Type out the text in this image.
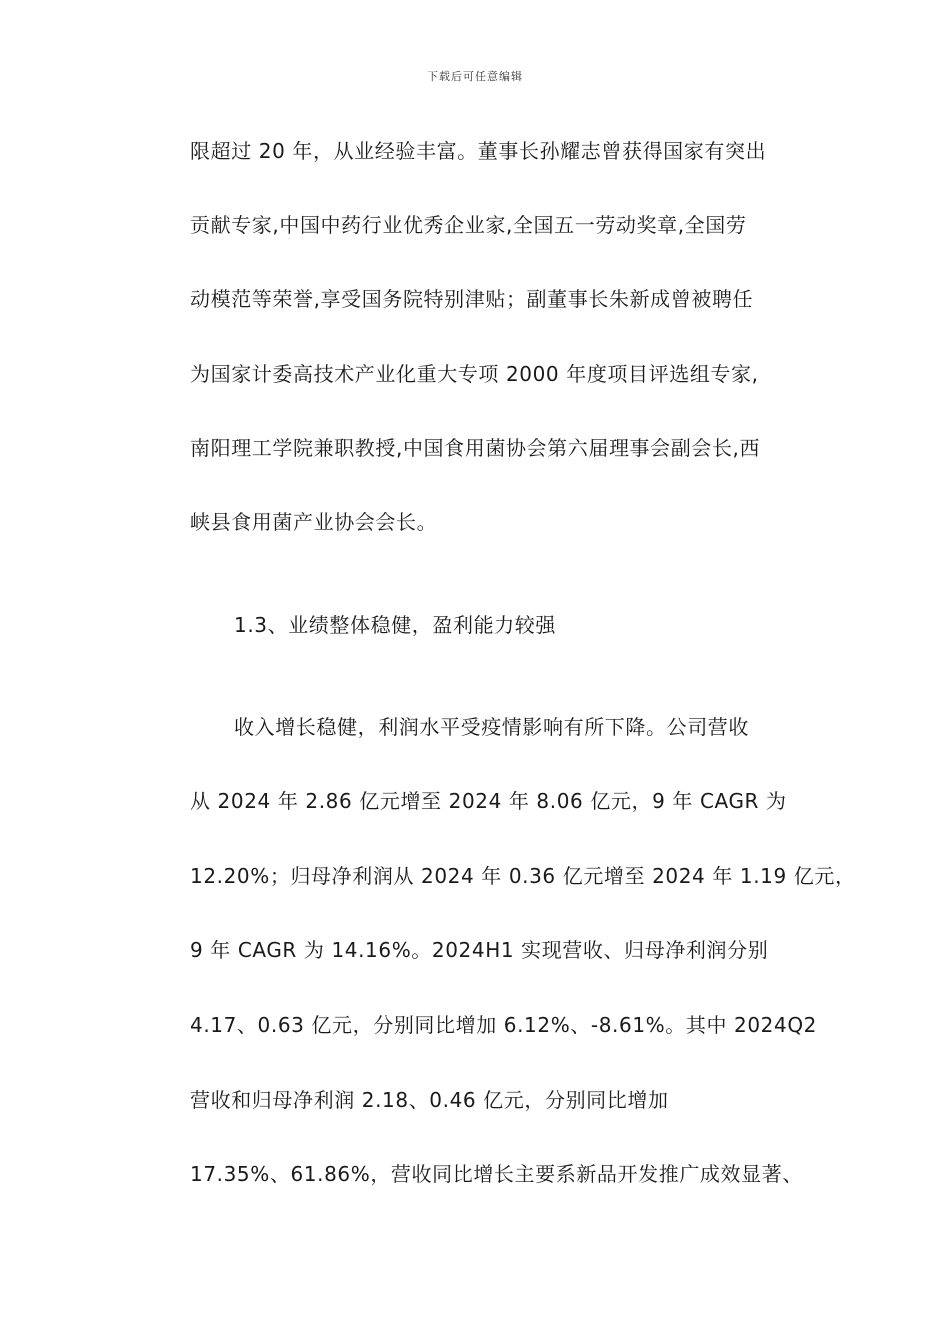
下载后可任意编辑
限超过 20 年，从业经验丰富。董事长孙耀志曾获得国家有突出
贡献专家,中国中药行业优秀企业家,全国五一劳动奖章,全国劳
动模范等荣誉,享受国务院特别津贴；副董事长朱新成曾被聘任
为国家计委高技术产业化重大专项 2000 年度项目评选组专家,
南阳理工学院兼职教授,中国食用菌协会第六届理事会副会长,西
峡县食用菌产业协会会长。
1.3、业绩整体稳健，盈利能力较强
收入增长稳健，利润水平受疫情影响有所下降。公司营收
从 2024 年 2.86 亿元增至 2024 年 8.06 亿元，9 年 CAGR 为
12.20%；归母净利润从 2024 年 0.36 亿元增至 2024 年 1.19 亿元，
9 年 CAGR 为 14.16%。2024H1 实现营收、归母净利润分别
4.17、0.63 亿元，分别同比增加 6.12%、-8.61%。其中 2024Q2
营收和归母净利润 2.18、0.46 亿元，分别同比增加
17.35%、61.86%，营收同比增长主要系新品开发推广成效显著、
